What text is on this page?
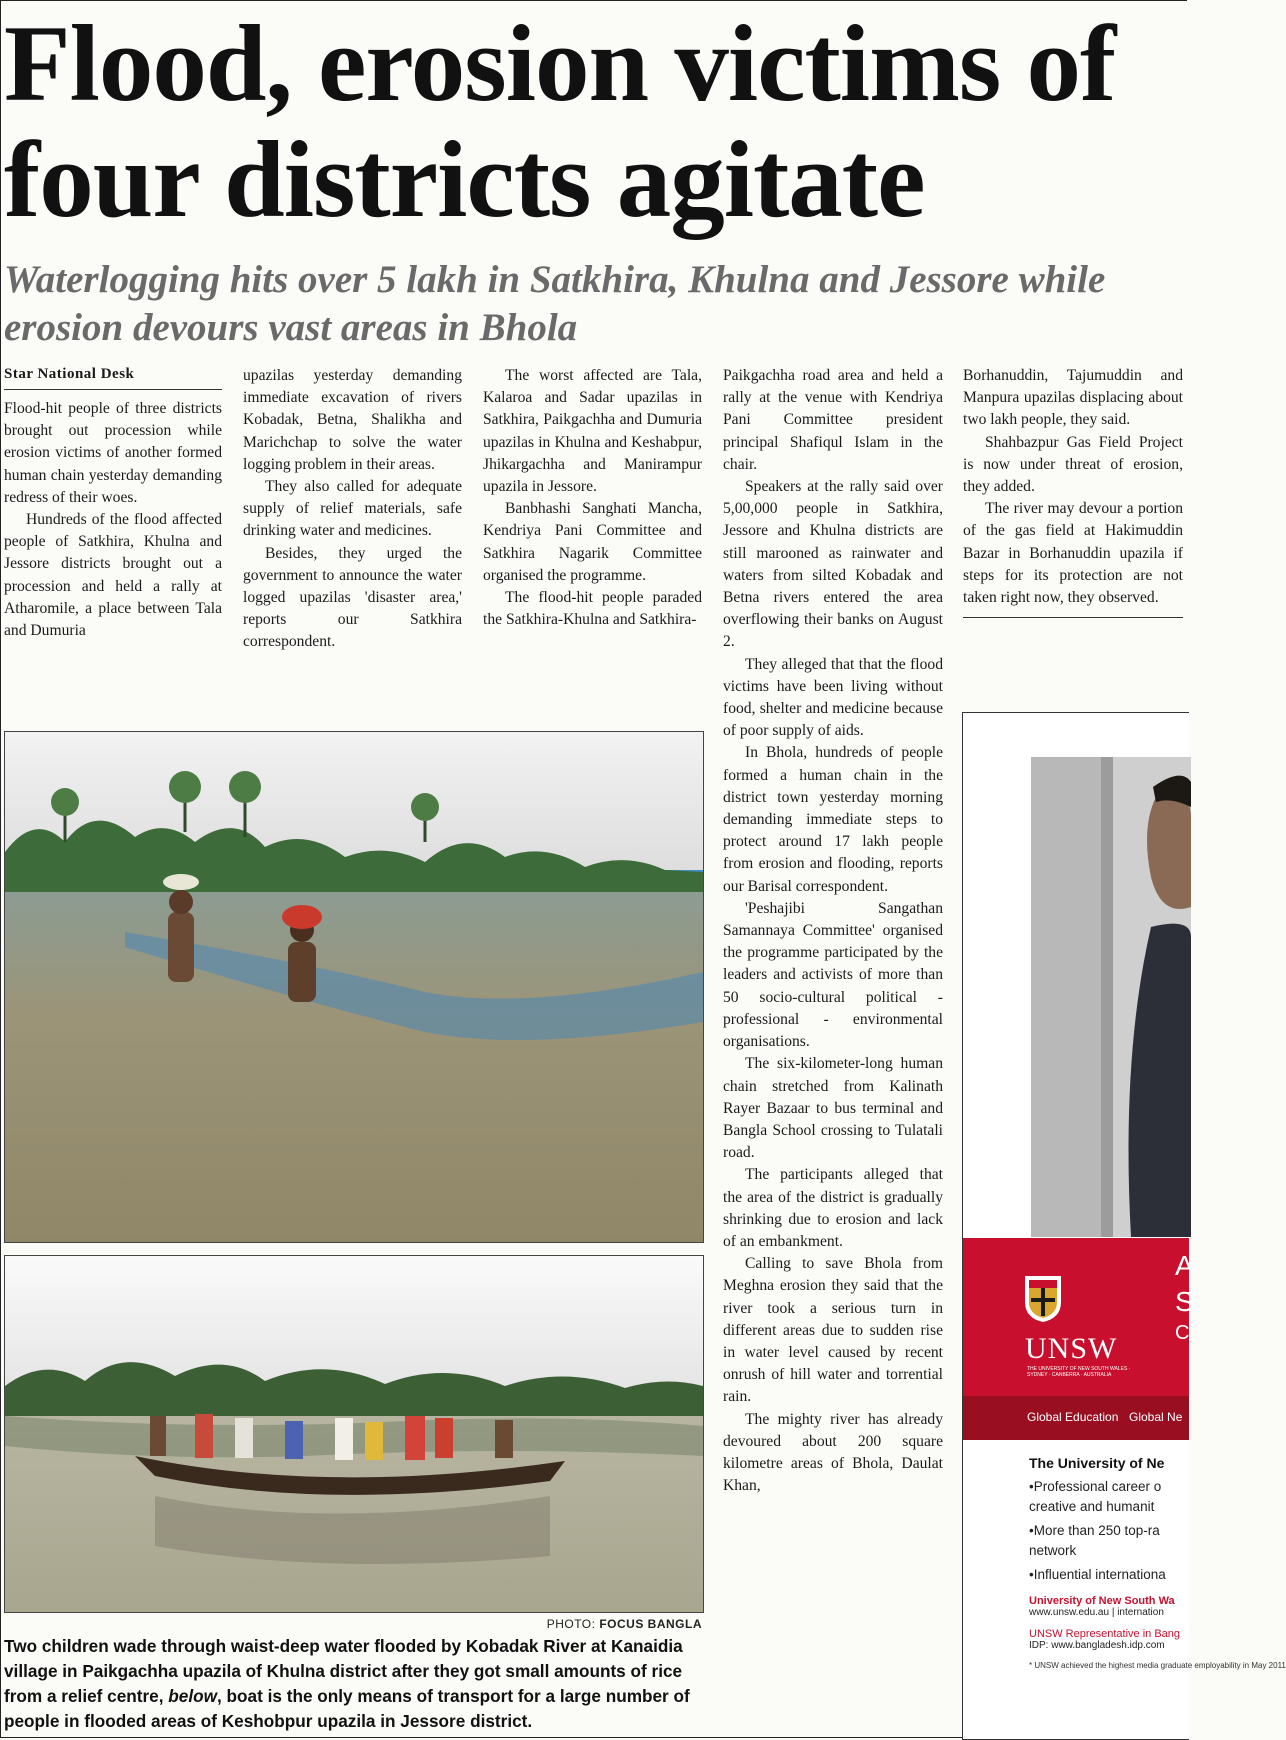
Flood, erosion victims of four districts agitate
Waterlogging hits over 5 lakh in Satkhira, Khulna and Jessore while erosion devours vast areas in Bhola
Star National Desk

Flood-hit people of three districts brought out procession while erosion victims of another formed human chain yesterday demanding redress of their woes.

Hundreds of the flood affected people of Satkhira, Khulna and Jessore districts brought out a procession and held a rally at Atharomile, a place between Tala and Dumuria

upazilas yesterday demanding immediate excavation of rivers Kobadak, Betna, Shalikha and Marichchap to solve the water logging problem in their areas.

They also called for adequate supply of relief materials, safe drinking water and medicines.

Besides, they urged the government to announce the water logged upazilas 'disaster area,' reports our Satkhira correspondent.

The worst affected are Tala, Kalaroa and Sadar upazilas in Satkhira, Paikgachha and Dumuria upazilas in Khulna and Keshabpur, Jhikargachha and Manirampur upazila in Jessore.

Banbhashi Sanghati Mancha, Kendriya Pani Committee and Satkhira Nagarik Committee organised the programme.

The flood-hit people paraded the Satkhira-Khulna and Satkhira-

Paikgachha road area and held a rally at the venue with Kendriya Pani Committee president principal Shafiqul Islam in the chair.

Speakers at the rally said over 5,00,000 people in Satkhira, Jessore and Khulna districts are still marooned as rainwater and waters from silted Kobadak and Betna rivers entered the area overflowing their banks on August 2.

They alleged that that the flood victims have been living without food, shelter and medicine because of poor supply of aids.

In Bhola, hundreds of people formed a human chain in the district town yesterday morning demanding immediate steps to protect around 17 lakh people from erosion and flooding, reports our Barisal correspondent.

'Peshajibi Sangathan Samannaya Committee' organised the programme participated by the leaders and activists of more than 50 socio-cultural political - professional - environmental organisations.

The six-kilometer-long human chain stretched from Kalinath Rayer Bazaar to bus terminal and Bangla School crossing to Tulatali road.

The participants alleged that the area of the district is gradually shrinking due to erosion and lack of an embankment.

Calling to save Bhola from Meghna erosion they said that the river took a serious turn in different areas due to sudden rise in water level caused by recent onrush of hill water and torrential rain.

The mighty river has already devoured about 200 square kilometre areas of Bhola, Daulat Khan,

Borhanuddin, Tajumuddin and Manpura upazilas displacing about two lakh people, they said.

Shahbazpur Gas Field Project is now under threat of erosion, they added.

The river may devour a portion of the gas field at Hakimuddin Bazar in Borhanuddin upazila if steps for its protection are not taken right now, they observed.

PHOTO: FOCUS BANGLA

Two children wade through waist-deep water flooded by Kobadak River at Kanaidia village in Paikgachha upazila of Khulna district after they got small amounts of rice from a relief centre, below, boat is the only means of transport for a large number of people in flooded areas of Keshobpur upazila in Jessore district.

UNSW
THE UNIVERSITY OF NEW SOUTH WALES · SYDNEY · CANBERRA · AUSTRALIA
A
S
C
Global Education Global Ne
The University of Ne
•Professional career o
creative and humanit
•More than 250 top-ra
network
•Influential internationa
University of New South Wa
www.unsw.edu.au | internation
UNSW Representative in Bang
IDP: www.bangladesh.idp.com
* UNSW achieved the highest media graduate employability in May 2011
